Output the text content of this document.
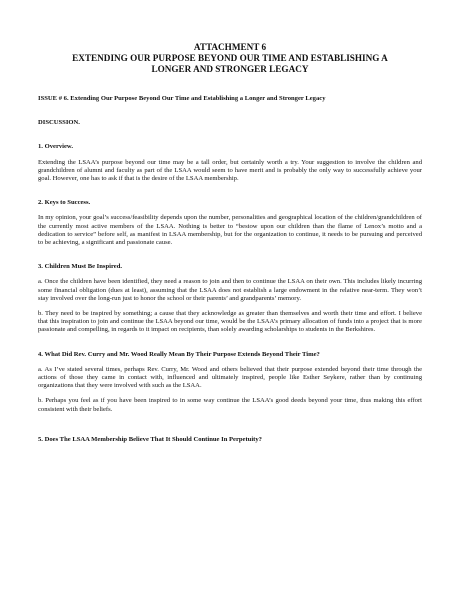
ATTACHMENT 6
EXTENDING OUR PURPOSE BEYOND OUR TIME AND ESTABLISHING A
LONGER AND STRONGER LEGACY
ISSUE # 6. Extending Our Purpose Beyond Our Time and Establishing a Longer and Stronger Legacy
DISCUSSION.
1. Overview.

Extending the LSAA’s purpose beyond our time may be a tall order, but certainly worth a try. Your suggestion to involve the children and grandchildren of alumni and faculty as part of the LSAA would seem to have merit and is probably the only way to successfully achieve your goal. However, one has to ask if that is the desire of the LSAA membership.

2. Keys to Success.

In my opinion, your goal’s success/feasibility depends upon the number, personalities and geographical location of the children/grandchildren of the currently most active members of the LSAA. Nothing is better to “bestow upon our children than the flame of Lenox’s motto and a dedication to service” before self, as manifest in LSAA membership, but for the organization to continue, it needs to be pursuing and perceived to be achieving, a significant and passionate cause.

3. Children Must Be Inspired.

a. Once the children have been identified, they need a reason to join and then to continue the LSAA on their own. This includes likely incurring some financial obligation (dues at least), assuming that the LSAA does not establish a large endowment in the relative near-term. They won’t stay involved over the long-run just to honor the school or their parents’ and grandparents’ memory.

b. They need to be inspired by something; a cause that they acknowledge as greater than themselves and worth their time and effort. I believe that this inspiration to join and continue the LSAA beyond our time, would be the LSAA’s primary allocation of funds into a project that is more passionate and compelling, in regards to it impact on recipients, than solely awarding scholarships to students in the Berkshires.

4. What Did Rev. Curry and Mr. Wood Really Mean By Their Purpose Extends Beyond Their Time?

a. As I’ve stated several times, perhaps Rev. Curry, Mr. Wood and others believed that their purpose extended beyond their time through the actions of those they came in contact with, influenced and ultimately inspired, people like Esther Seykere, rather than by continuing organizations that they were involved with such as the LSAA.

b. Perhaps you feel as if you have been inspired to in some way continue the LSAA’s good deeds beyond your time, thus making this effort consistent with their beliefs.

5. Does The LSAA Membership Believe That It Should Continue In Perpetuity?
